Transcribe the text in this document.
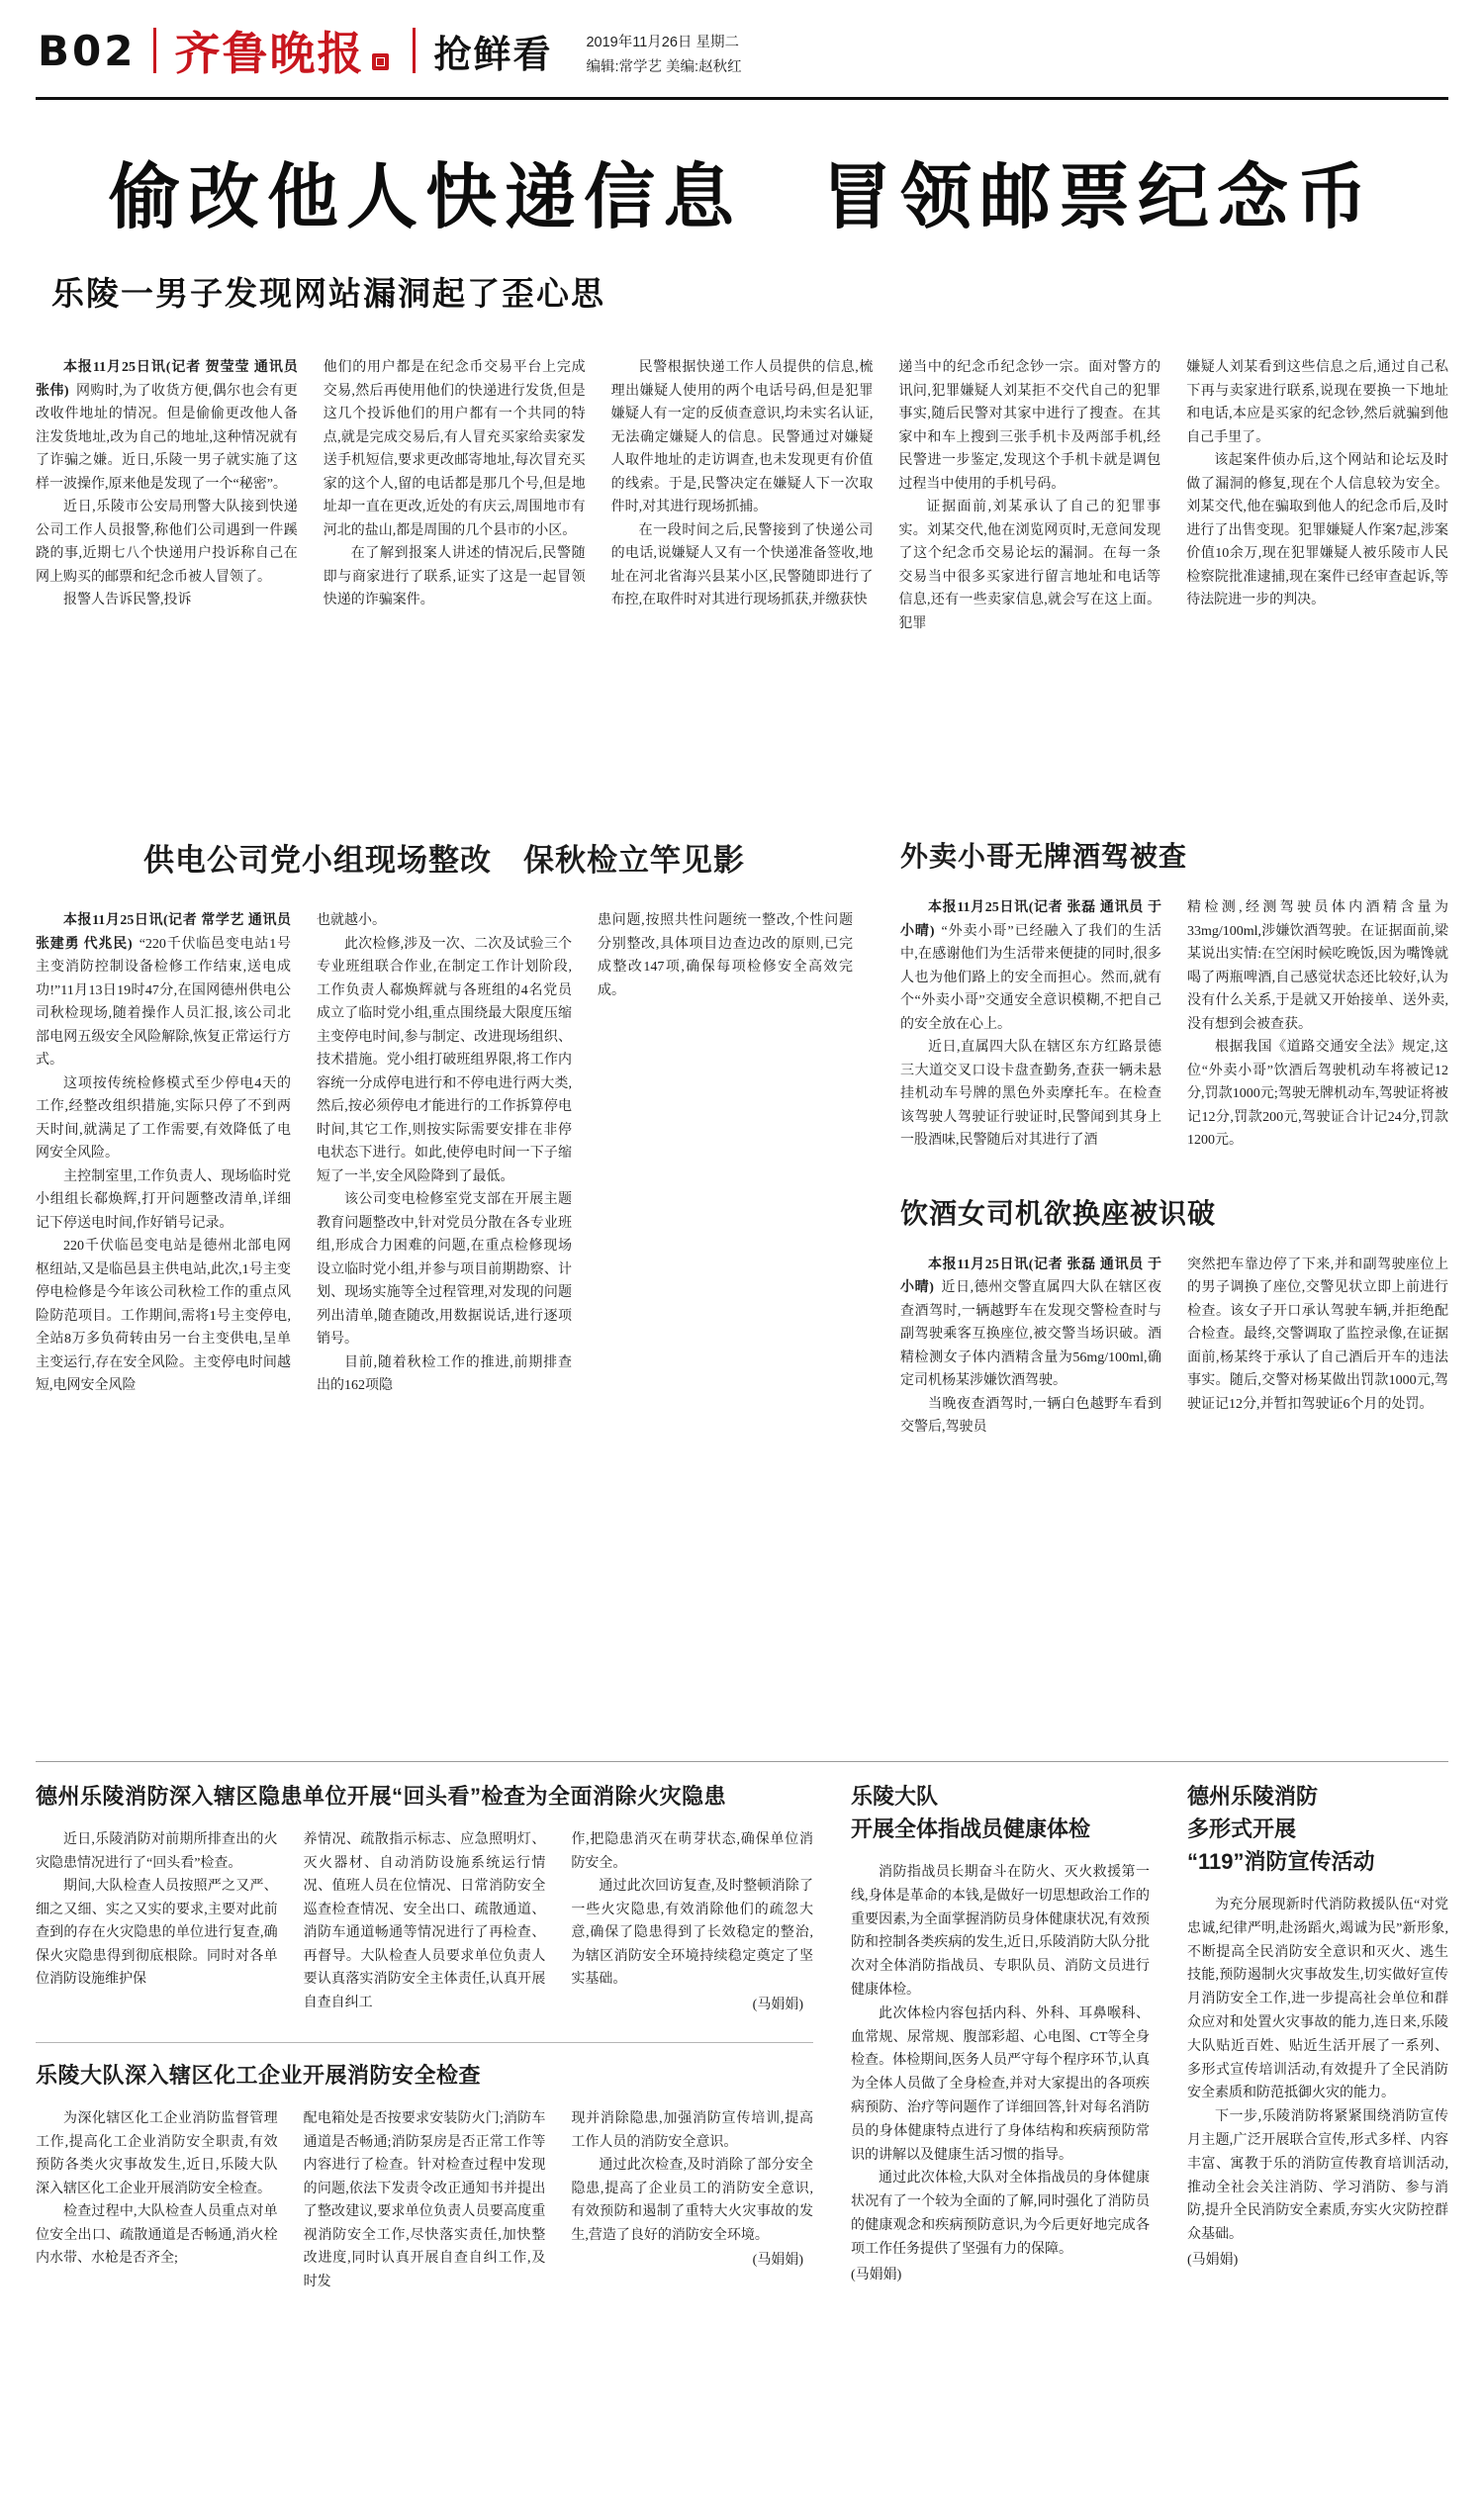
B02 齐鲁晚报 抢鲜看 2019年11月26日 星期二
编辑:常学艺 美编:赵秋红
偷改他人快递信息　冒领邮票纪念币
乐陵一男子发现网站漏洞起了歪心思

本报11月25日讯(记者 贺莹莹 通讯员 张伟) 网购时,为了收货方便,偶尔也会有更改收件地址的情况。但是偷偷更改他人备注发货地址,改为自己的地址,这种情况就有了诈骗之嫌。近日,乐陵一男子就实施了这样一波操作,原来他是发现了一个“秘密”。

近日,乐陵市公安局刑警大队接到快递公司工作人员报警,称他们公司遇到一件蹊跷的事,近期七八个快递用户投诉称自己在网上购买的邮票和纪念币被人冒领了。

报警人告诉民警,投诉

他们的用户都是在纪念币交易平台上完成交易,然后再使用他们的快递进行发货,但是这几个投诉他们的用户都有一个共同的特点,就是完成交易后,有人冒充买家给卖家发送手机短信,要求更改邮寄地址,每次冒充买家的这个人,留的电话都是那几个号,但是地址却一直在更改,近处的有庆云,周围地市有河北的盐山,都是周围的几个县市的小区。

在了解到报案人讲述的情况后,民警随即与商家进行了联系,证实了这是一起冒领快递的诈骗案件。

民警根据快递工作人员提供的信息,梳理出嫌疑人使用的两个电话号码,但是犯罪嫌疑人有一定的反侦查意识,均未实名认证,无法确定嫌疑人的信息。民警通过对嫌疑人取件地址的走访调查,也未发现更有价值的线索。于是,民警决定在嫌疑人下一次取件时,对其进行现场抓捕。

在一段时间之后,民警接到了快递公司的电话,说嫌疑人又有一个快递准备签收,地址在河北省海兴县某小区,民警随即进行了布控,在取件时对其进行现场抓获,并缴获快

递当中的纪念币纪念钞一宗。面对警方的讯问,犯罪嫌疑人刘某拒不交代自己的犯罪事实,随后民警对其家中进行了搜查。在其家中和车上搜到三张手机卡及两部手机,经民警进一步鉴定,发现这个手机卡就是调包过程当中使用的手机号码。

证据面前,刘某承认了自己的犯罪事实。刘某交代,他在浏览网页时,无意间发现了这个纪念币交易论坛的漏洞。在每一条交易当中很多买家进行留言地址和电话等信息,还有一些卖家信息,就会写在这上面。犯罪

嫌疑人刘某看到这些信息之后,通过自己私下再与卖家进行联系,说现在要换一下地址和电话,本应是买家的纪念钞,然后就骗到他自己手里了。

该起案件侦办后,这个网站和论坛及时做了漏洞的修复,现在个人信息较为安全。刘某交代,他在骗取到他人的纪念币后,及时进行了出售变现。犯罪嫌疑人作案7起,涉案价值10余万,现在犯罪嫌疑人被乐陵市人民检察院批准逮捕,现在案件已经审查起诉,等待法院进一步的判决。

供电公司党小组现场整改　保秋检立竿见影

本报11月25日讯(记者 常学艺 通讯员 张建勇 代兆民) “220千伏临邑变电站1号主变消防控制设备检修工作结束,送电成功!”11月13日19时47分,在国网德州供电公司秋检现场,随着操作人员汇报,该公司北部电网五级安全风险解除,恢复正常运行方式。

这项按传统检修模式至少停电4天的工作,经整改组织措施,实际只停了不到两天时间,就满足了工作需要,有效降低了电网安全风险。

主控制室里,工作负责人、现场临时党小组组长郗焕辉,打开问题整改清单,详细记下停送电时间,作好销号记录。

220千伏临邑变电站是德州北部电网枢纽站,又是临邑县主供电站,此次,1号主变停电检修是今年该公司秋检工作的重点风险防范项目。工作期间,需将1号主变停电,全站8万多负荷转由另一台主变供电,呈单主变运行,存在安全风险。主变停电时间越短,电网安全风险

也就越小。

此次检修,涉及一次、二次及试验三个专业班组联合作业,在制定工作计划阶段,工作负责人郗焕辉就与各班组的4名党员成立了临时党小组,重点围绕最大限度压缩主变停电时间,参与制定、改进现场组织、技术措施。党小组打破班组界限,将工作内容统一分成停电进行和不停电进行两大类,然后,按必须停电才能进行的工作拆算停电时间,其它工作,则按实际需要安排在非停电状态下进行。如此,使停电时间一下子缩短了一半,安全风险降到了最低。

该公司变电检修室党支部在开展主题教育问题整改中,针对党员分散在各专业班组,形成合力困难的问题,在重点检修现场设立临时党小组,并参与项目前期勘察、计划、现场实施等全过程管理,对发现的问题列出清单,随查随改,用数据说话,进行逐项销号。

目前,随着秋检工作的推进,前期排查出的162项隐

患问题,按照共性问题统一整改,个性问题分别整改,具体项目边查边改的原则,已完成整改147项,确保每项检修安全高效完成。

外卖小哥无牌酒驾被查

本报11月25日讯(记者 张磊 通讯员 于小晴) “外卖小哥”已经融入了我们的生活中,在感谢他们为生活带来便捷的同时,很多人也为他们路上的安全而担心。然而,就有个“外卖小哥”交通安全意识模糊,不把自己的安全放在心上。

近日,直属四大队在辖区东方红路景德三大道交叉口设卡盘查勤务,查获一辆未悬挂机动车号牌的黑色外卖摩托车。在检查该驾驶人驾驶证行驶证时,民警闻到其身上一股酒味,民警随后对其进行了酒

精检测,经测驾驶员体内酒精含量为33mg/100ml,涉嫌饮酒驾驶。在证据面前,梁某说出实情:在空闲时候吃晚饭,因为嘴馋就喝了两瓶啤酒,自己感觉状态还比较好,认为没有什么关系,于是就又开始接单、送外卖,没有想到会被查获。

根据我国《道路交通安全法》规定,这位“外卖小哥”饮酒后驾驶机动车将被记12分,罚款1000元;驾驶无牌机动车,驾驶证将被记12分,罚款200元,驾驶证合计记24分,罚款1200元。

饮酒女司机欲换座被识破

本报11月25日讯(记者 张磊 通讯员 于小晴) 近日,德州交警直属四大队在辖区夜查酒驾时,一辆越野车在发现交警检查时与副驾驶乘客互换座位,被交警当场识破。酒精检测女子体内酒精含量为56mg/100ml,确定司机杨某涉嫌饮酒驾驶。

当晚夜查酒驾时,一辆白色越野车看到交警后,驾驶员

突然把车靠边停了下来,并和副驾驶座位上的男子调换了座位,交警见状立即上前进行检查。该女子开口承认驾驶车辆,并拒绝配合检查。最终,交警调取了监控录像,在证据面前,杨某终于承认了自己酒后开车的违法事实。随后,交警对杨某做出罚款1000元,驾驶证记12分,并暂扣驾驶证6个月的处罚。

德州乐陵消防深入辖区隐患单位开展“回头看”检查为全面消除火灾隐患

近日,乐陵消防对前期所排查出的火灾隐患情况进行了“回头看”检查。

期间,大队检查人员按照严之又严、细之又细、实之又实的要求,主要对此前查到的存在火灾隐患的单位进行复查,确保火灾隐患得到彻底根除。同时对各单位消防设施维护保

养情况、疏散指示标志、应急照明灯、灭火器材、自动消防设施系统运行情况、值班人员在位情况、日常消防安全巡查检查情况、安全出口、疏散通道、消防车通道畅通等情况进行了再检查、再督导。大队检查人员要求单位负责人要认真落实消防安全主体责任,认真开展自查自纠工

作,把隐患消灭在萌芽状态,确保单位消防安全。

通过此次回访复查,及时整顿消除了一些火灾隐患,有效消除他们的疏忽大意,确保了隐患得到了长效稳定的整治,为辖区消防安全环境持续稳定奠定了坚实基础。

(马娟娟)

乐陵大队深入辖区化工企业开展消防安全检查

为深化辖区化工企业消防监督管理工作,提高化工企业消防安全职责,有效预防各类火灾事故发生,近日,乐陵大队深入辖区化工企业开展消防安全检查。

检查过程中,大队检查人员重点对单位安全出口、疏散通道是否畅通,消火栓内水带、水枪是否齐全;

配电箱处是否按要求安装防火门;消防车通道是否畅通;消防泵房是否正常工作等内容进行了检查。针对检查过程中发现的问题,依法下发责令改正通知书并提出了整改建议,要求单位负责人员要高度重视消防安全工作,尽快落实责任,加快整改进度,同时认真开展自查自纠工作,及时发

现并消除隐患,加强消防宣传培训,提高工作人员的消防安全意识。

通过此次检查,及时消除了部分安全隐患,提高了企业员工的消防安全意识,有效预防和遏制了重特大火灾事故的发生,营造了良好的消防安全环境。

(马娟娟)

乐陵大队
开展全体指战员健康体检

消防指战员长期奋斗在防火、灭火救援第一线,身体是革命的本钱,是做好一切思想政治工作的重要因素,为全面掌握消防员身体健康状况,有效预防和控制各类疾病的发生,近日,乐陵消防大队分批次对全体消防指战员、专职队员、消防文员进行健康体检。

此次体检内容包括内科、外科、耳鼻喉科、血常规、尿常规、腹部彩超、心电图、CT等全身检查。体检期间,医务人员严守每个程序环节,认真为全体人员做了全身检查,并对大家提出的各项疾病预防、治疗等问题作了详细回答,针对每名消防员的身体健康特点进行了身体结构和疾病预防常识的讲解以及健康生活习惯的指导。

通过此次体检,大队对全体指战员的身体健康状况有了一个较为全面的了解,同时强化了消防员的健康观念和疾病预防意识,为今后更好地完成各项工作任务提供了坚强有力的保障。

(马娟娟)

德州乐陵消防
多形式开展
“119”消防宣传活动

为充分展现新时代消防救援队伍“对党忠诚,纪律严明,赴汤蹈火,竭诚为民”新形象,不断提高全民消防安全意识和灭火、逃生技能,预防遏制火灾事故发生,切实做好宣传月消防安全工作,进一步提高社会单位和群众应对和处置火灾事故的能力,连日来,乐陵大队贴近百姓、贴近生活开展了一系列、多形式宣传培训活动,有效提升了全民消防安全素质和防范抵御火灾的能力。

下一步,乐陵消防将紧紧围绕消防宣传月主题,广泛开展联合宣传,形式多样、内容丰富、寓教于乐的消防宣传教育培训活动,推动全社会关注消防、学习消防、参与消防,提升全民消防安全素质,夯实火灾防控群众基础。

(马娟娟)
